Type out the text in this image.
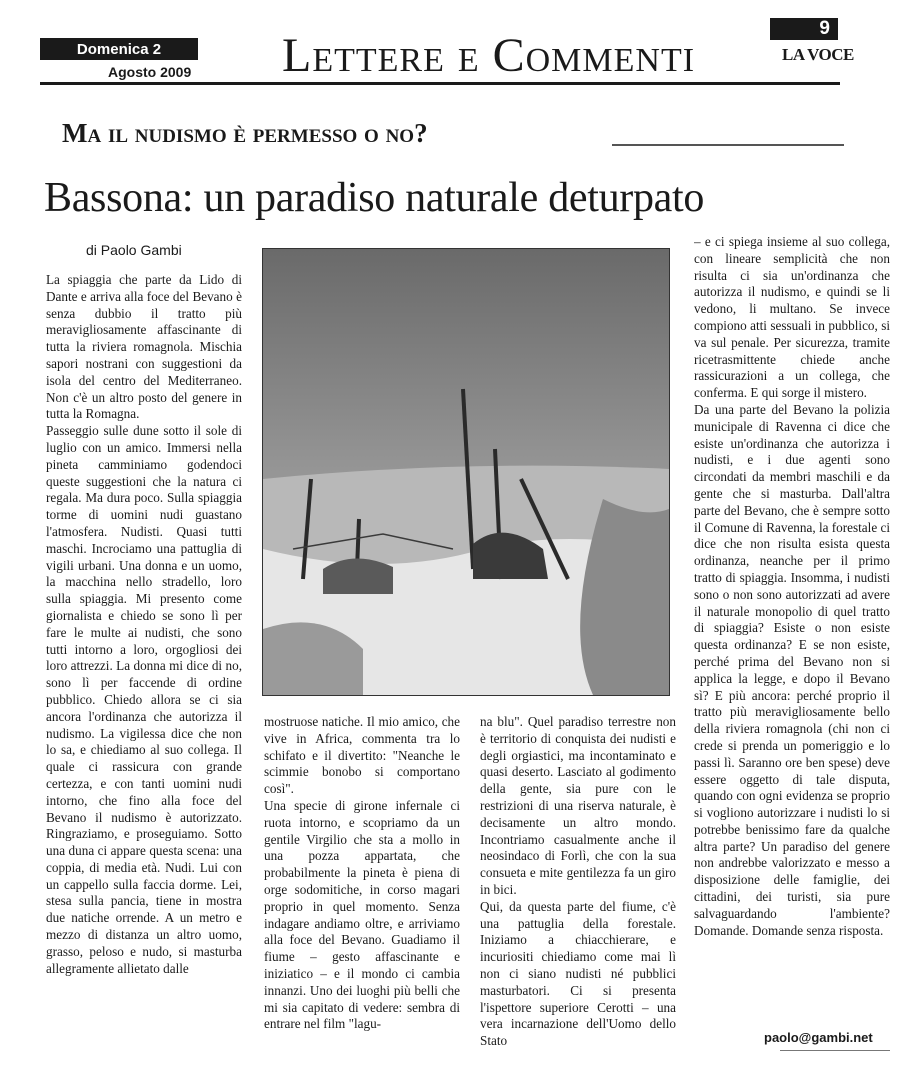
Domenica 2
Agosto 2009 Lettere e Commenti
9
LA VOCE
Ma il nudismo è permesso o no?
Bassona: un paradiso naturale deturpato
di Paolo Gambi

La spiaggia che parte da Lido di Dante e arriva alla foce del Bevano è senza dubbio il tratto più meravigliosamente affascinante di tutta la riviera romagnola. Mischia sapori nostrani con suggestioni da isola del centro del Mediterraneo. Non c'è un altro posto del genere in tutta la Romagna.
Passeggio sulle dune sotto il sole di luglio con un amico. Immersi nella pineta camminiamo godendoci queste suggestioni che la natura ci regala. Ma dura poco. Sulla spiaggia torme di uomini nudi guastano l'atmosfera. Nudisti. Quasi tutti maschi. Incrociamo una pattuglia di vigili urbani. Una donna e un uomo, la macchina nello stradello, loro sulla spiaggia. Mi presento come giornalista e chiedo se sono lì per fare le multe ai nudisti, che sono tutti intorno a loro, orgogliosi dei loro attrezzi. La donna mi dice di no, sono lì per faccende di ordine pubblico. Chiedo allora se ci sia ancora l'ordinanza che autorizza il nudismo. La vigilessa dice che non lo sa, e chiediamo al suo collega. Il quale ci rassicura con grande certezza, e con tanti uomini nudi intorno, che fino alla foce del Bevano il nudismo è autorizzato. Ringraziamo, e proseguiamo. Sotto una duna ci appare questa scena: una coppia, di media età. Nudi. Lui con un cappello sulla faccia dorme. Lei, stesa sulla pancia, tiene in mostra due natiche orrende. A un metro e mezzo di distanza un altro uomo, grasso, peloso e nudo, si masturba allegramente allietato dalle

mostruose natiche. Il mio amico, che vive in Africa, commenta tra lo schifato e il divertito: "Neanche le scimmie bonobo si comportano così".
Una specie di girone infernale ci ruota intorno, e scopriamo da un gentile Virgilio che sta a mollo in una pozza appartata, che probabilmente la pineta è piena di orge sodomitiche, in corso magari proprio in quel momento. Senza indagare andiamo oltre, e arriviamo alla foce del Bevano. Guadiamo il fiume – gesto affascinante e iniziatico – e il mondo ci cambia innanzi. Uno dei luoghi più belli che mi sia capitato di vedere: sembra di entrare nel film "lagu-

na blu". Quel paradiso terrestre non è territorio di conquista dei nudisti e degli orgiastici, ma incontaminato e quasi deserto. Lasciato al godimento della gente, sia pure con le restrizioni di una riserva naturale, è decisamente un altro mondo. Incontriamo casualmente anche il neosindaco di Forlì, che con la sua consueta e mite gentilezza fa un giro in bici.
Qui, da questa parte del fiume, c'è una pattuglia della forestale. Iniziamo a chiacchierare, e incuriositi chiediamo come mai lì non ci siano nudisti né pubblici masturbatori. Ci si presenta l'ispettore superiore Cerotti – una vera incarnazione dell'Uomo dello Stato

– e ci spiega insieme al suo collega, con lineare semplicità che non risulta ci sia un'ordinanza che autorizza il nudismo, e quindi se li vedono, li multano. Se invece compiono atti sessuali in pubblico, si va sul penale. Per sicurezza, tramite ricetrasmittente chiede anche rassicurazioni a un collega, che conferma. E qui sorge il mistero.
Da una parte del Bevano la polizia municipale di Ravenna ci dice che esiste un'ordinanza che autorizza i nudisti, e i due agenti sono circondati da membri maschili e da gente che si masturba. Dall'altra parte del Bevano, che è sempre sotto il Comune di Ravenna, la forestale ci dice che non risulta esista questa ordinanza, neanche per il primo tratto di spiaggia. Insomma, i nudisti sono o non sono autorizzati ad avere il naturale monopolio di quel tratto di spiaggia? Esiste o non esiste questa ordinanza? E se non esiste, perché prima del Bevano non si applica la legge, e dopo il Bevano sì? E più ancora: perché proprio il tratto più meravigliosamente bello della riviera romagnola (chi non ci crede si prenda un pomeriggio e lo passi lì. Saranno ore ben spese) deve essere oggetto di tale disputa, quando con ogni evidenza se proprio si vogliono autorizzare i nudisti lo si potrebbe benissimo fare da qualche altra parte? Un paradiso del genere non andrebbe valorizzato e messo a disposizione delle famiglie, dei cittadini, dei turisti, sia pure salvaguardando l'ambiente? Domande. Domande senza risposta.

paolo@gambi.net
